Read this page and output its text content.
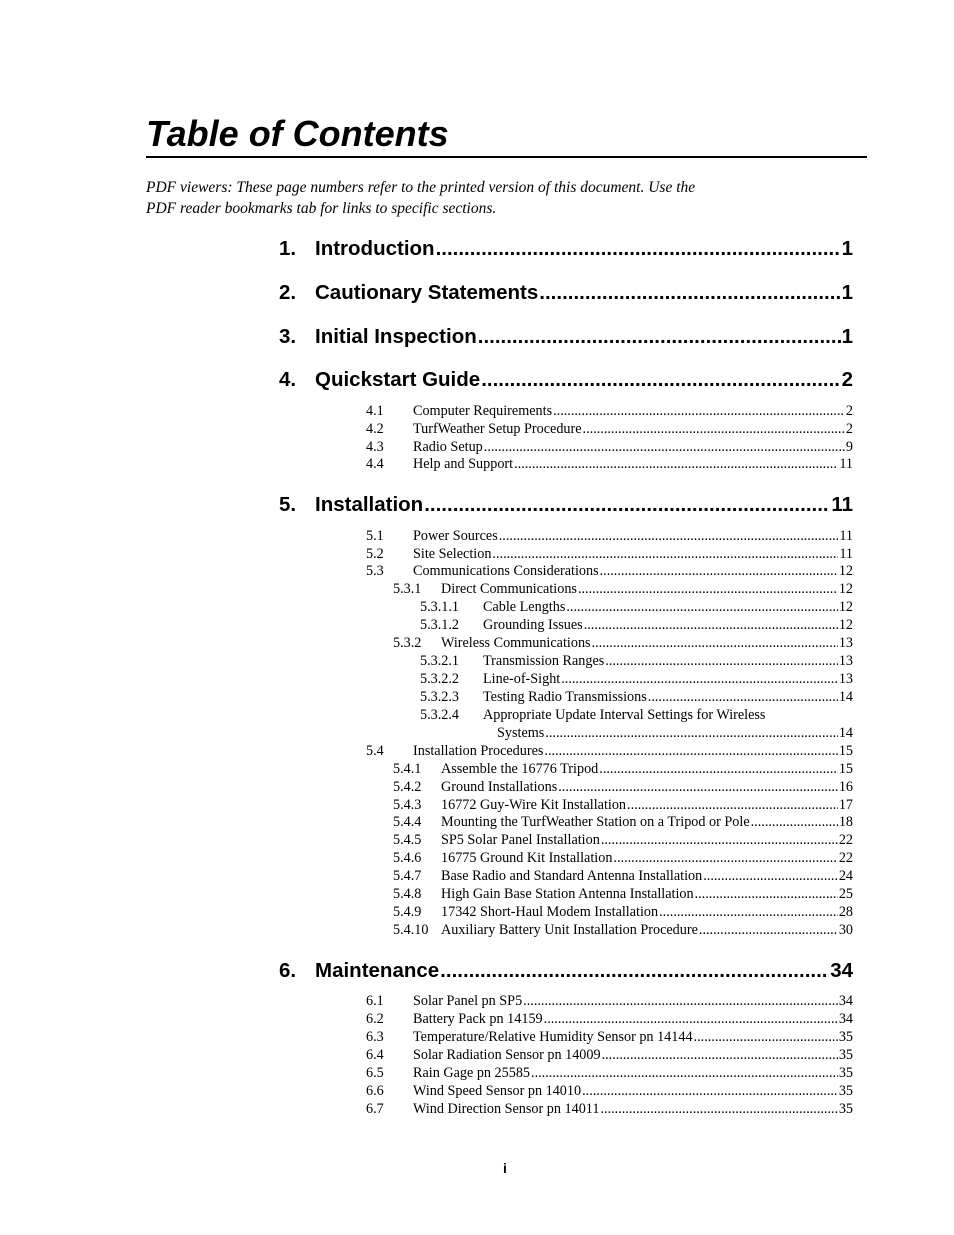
Table of Contents
PDF viewers: These page numbers refer to the printed version of this document. Use the
PDF reader bookmarks tab for links to specific sections.
1. Introduction .....	1
2. Cautionary Statements .....	1
3. Initial Inspection .....	1
4. Quickstart Guide .....	2
4.1	Computer Requirements .....	2
4.2	TurfWeather Setup Procedure .....	2
4.3	Radio Setup .....	9
4.4	Help and Support .....	11
5. Installation .....	11
5.1	Power Sources .....	11
5.2	Site Selection .....	11
5.3	Communications Considerations .....	12
5.3.1	Direct Communications .....	12
5.3.1.1	Cable Lengths .....	12
5.3.1.2	Grounding Issues .....	12
5.3.2	Wireless Communications .....	13
5.3.2.1	Transmission Ranges .....	13
5.3.2.2	Line-of-Sight .....	13
5.3.2.3	Testing Radio Transmissions .....	14
5.3.2.4	Appropriate Update Interval Settings for Wireless
Systems .....	14
5.4	Installation Procedures .....	15
5.4.1	Assemble the 16776 Tripod .....	15
5.4.2	Ground Installations .....	16
5.4.3	16772 Guy-Wire Kit Installation .....	17
5.4.4	Mounting the TurfWeather Station on a Tripod or Pole .....	18
5.4.5	SP5 Solar Panel Installation .....	22
5.4.6	16775 Ground Kit Installation .....	22
5.4.7	Base Radio and Standard Antenna Installation .....	24
5.4.8	High Gain Base Station Antenna Installation .....	25
5.4.9	17342 Short-Haul Modem Installation .....	28
5.4.10 Auxiliary Battery Unit Installation Procedure .....	30
6. Maintenance .....	34
6.1	Solar Panel pn SP5 .....	34
6.2	Battery Pack pn 14159 .....	34
6.3	Temperature/Relative Humidity Sensor pn 14144 .....	35
6.4	Solar Radiation Sensor pn 14009 .....	35
6.5	Rain Gage pn 25585 .....	35
6.6	Wind Speed Sensor pn 14010 .....	35
6.7	Wind Direction Sensor pn 14011 .....	35
i
